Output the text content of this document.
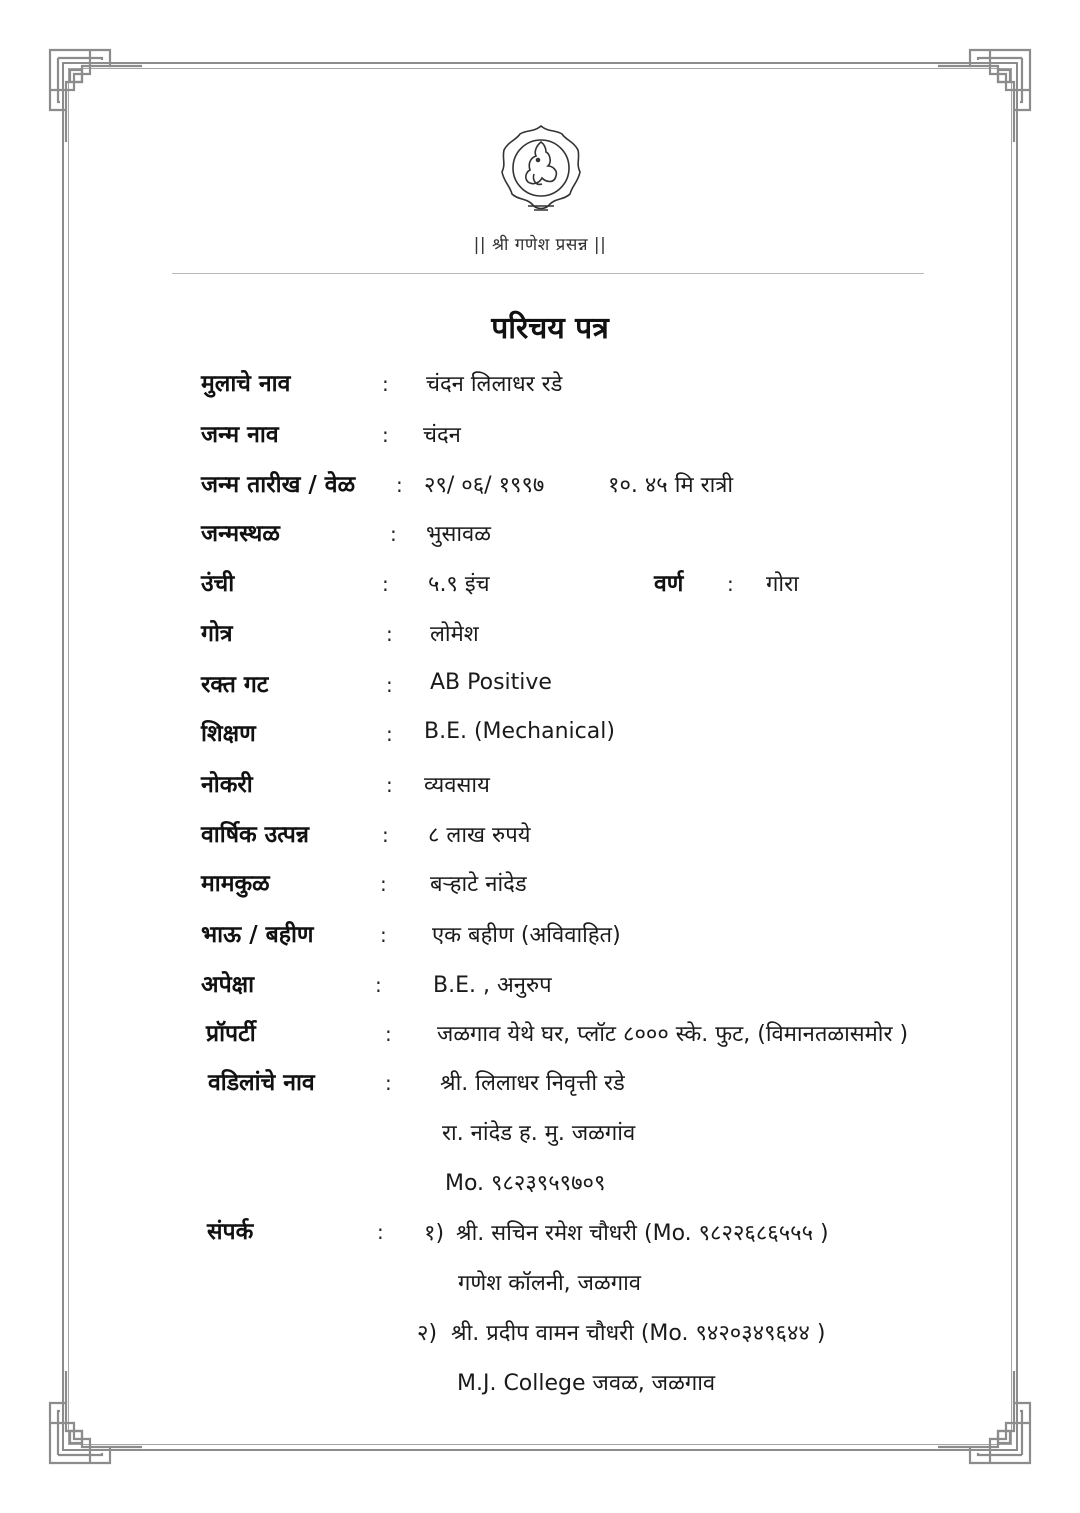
|| श्री गणेश प्रसन्न ||
परिचय पत्र
मुलाचे नाव	: चंदन लिलाधर रडे
जन्म नाव	: चंदन
जन्म तारीख / वेळ : २९/ ०६/ १९९७	१०. ४५ मि रात्री
जन्मस्थळ	: भुसावळ
उंची	: ५.९ इंच	वर्ण : गोरा
गोत्र	: लोमेश
रक्त गट	: AB Positive
शिक्षण	: B.E. (Mechanical)
नोकरी	: व्यवसाय
वार्षिक उत्पन्न	: ८ लाख रुपये
मामकुळ	: बऱ्हाटे नांदेड
भाऊ / बहीण	: एक बहीण (अविवाहित)
अपेक्षा	: B.E. , अनुरुप
प्रॉपर्टी	: जळगाव येथे घर, प्लॉट ८००० स्के. फुट, (विमानतळासमोर )
वडिलांचे नाव	: श्री. लिलाधर निवृत्ती रडे
रा. नांदेड ह. मु. जळगांव
Mo. ९८२३९५९७०९
संपर्क	: १) श्री. सचिन रमेश चौधरी (Mo. ९८२२६८६५५५ )
गणेश कॉलनी, जळगाव
२) श्री. प्रदीप वामन चौधरी (Mo. ९४२०३४९६४४ )
M.J. College जवळ, जळगाव
